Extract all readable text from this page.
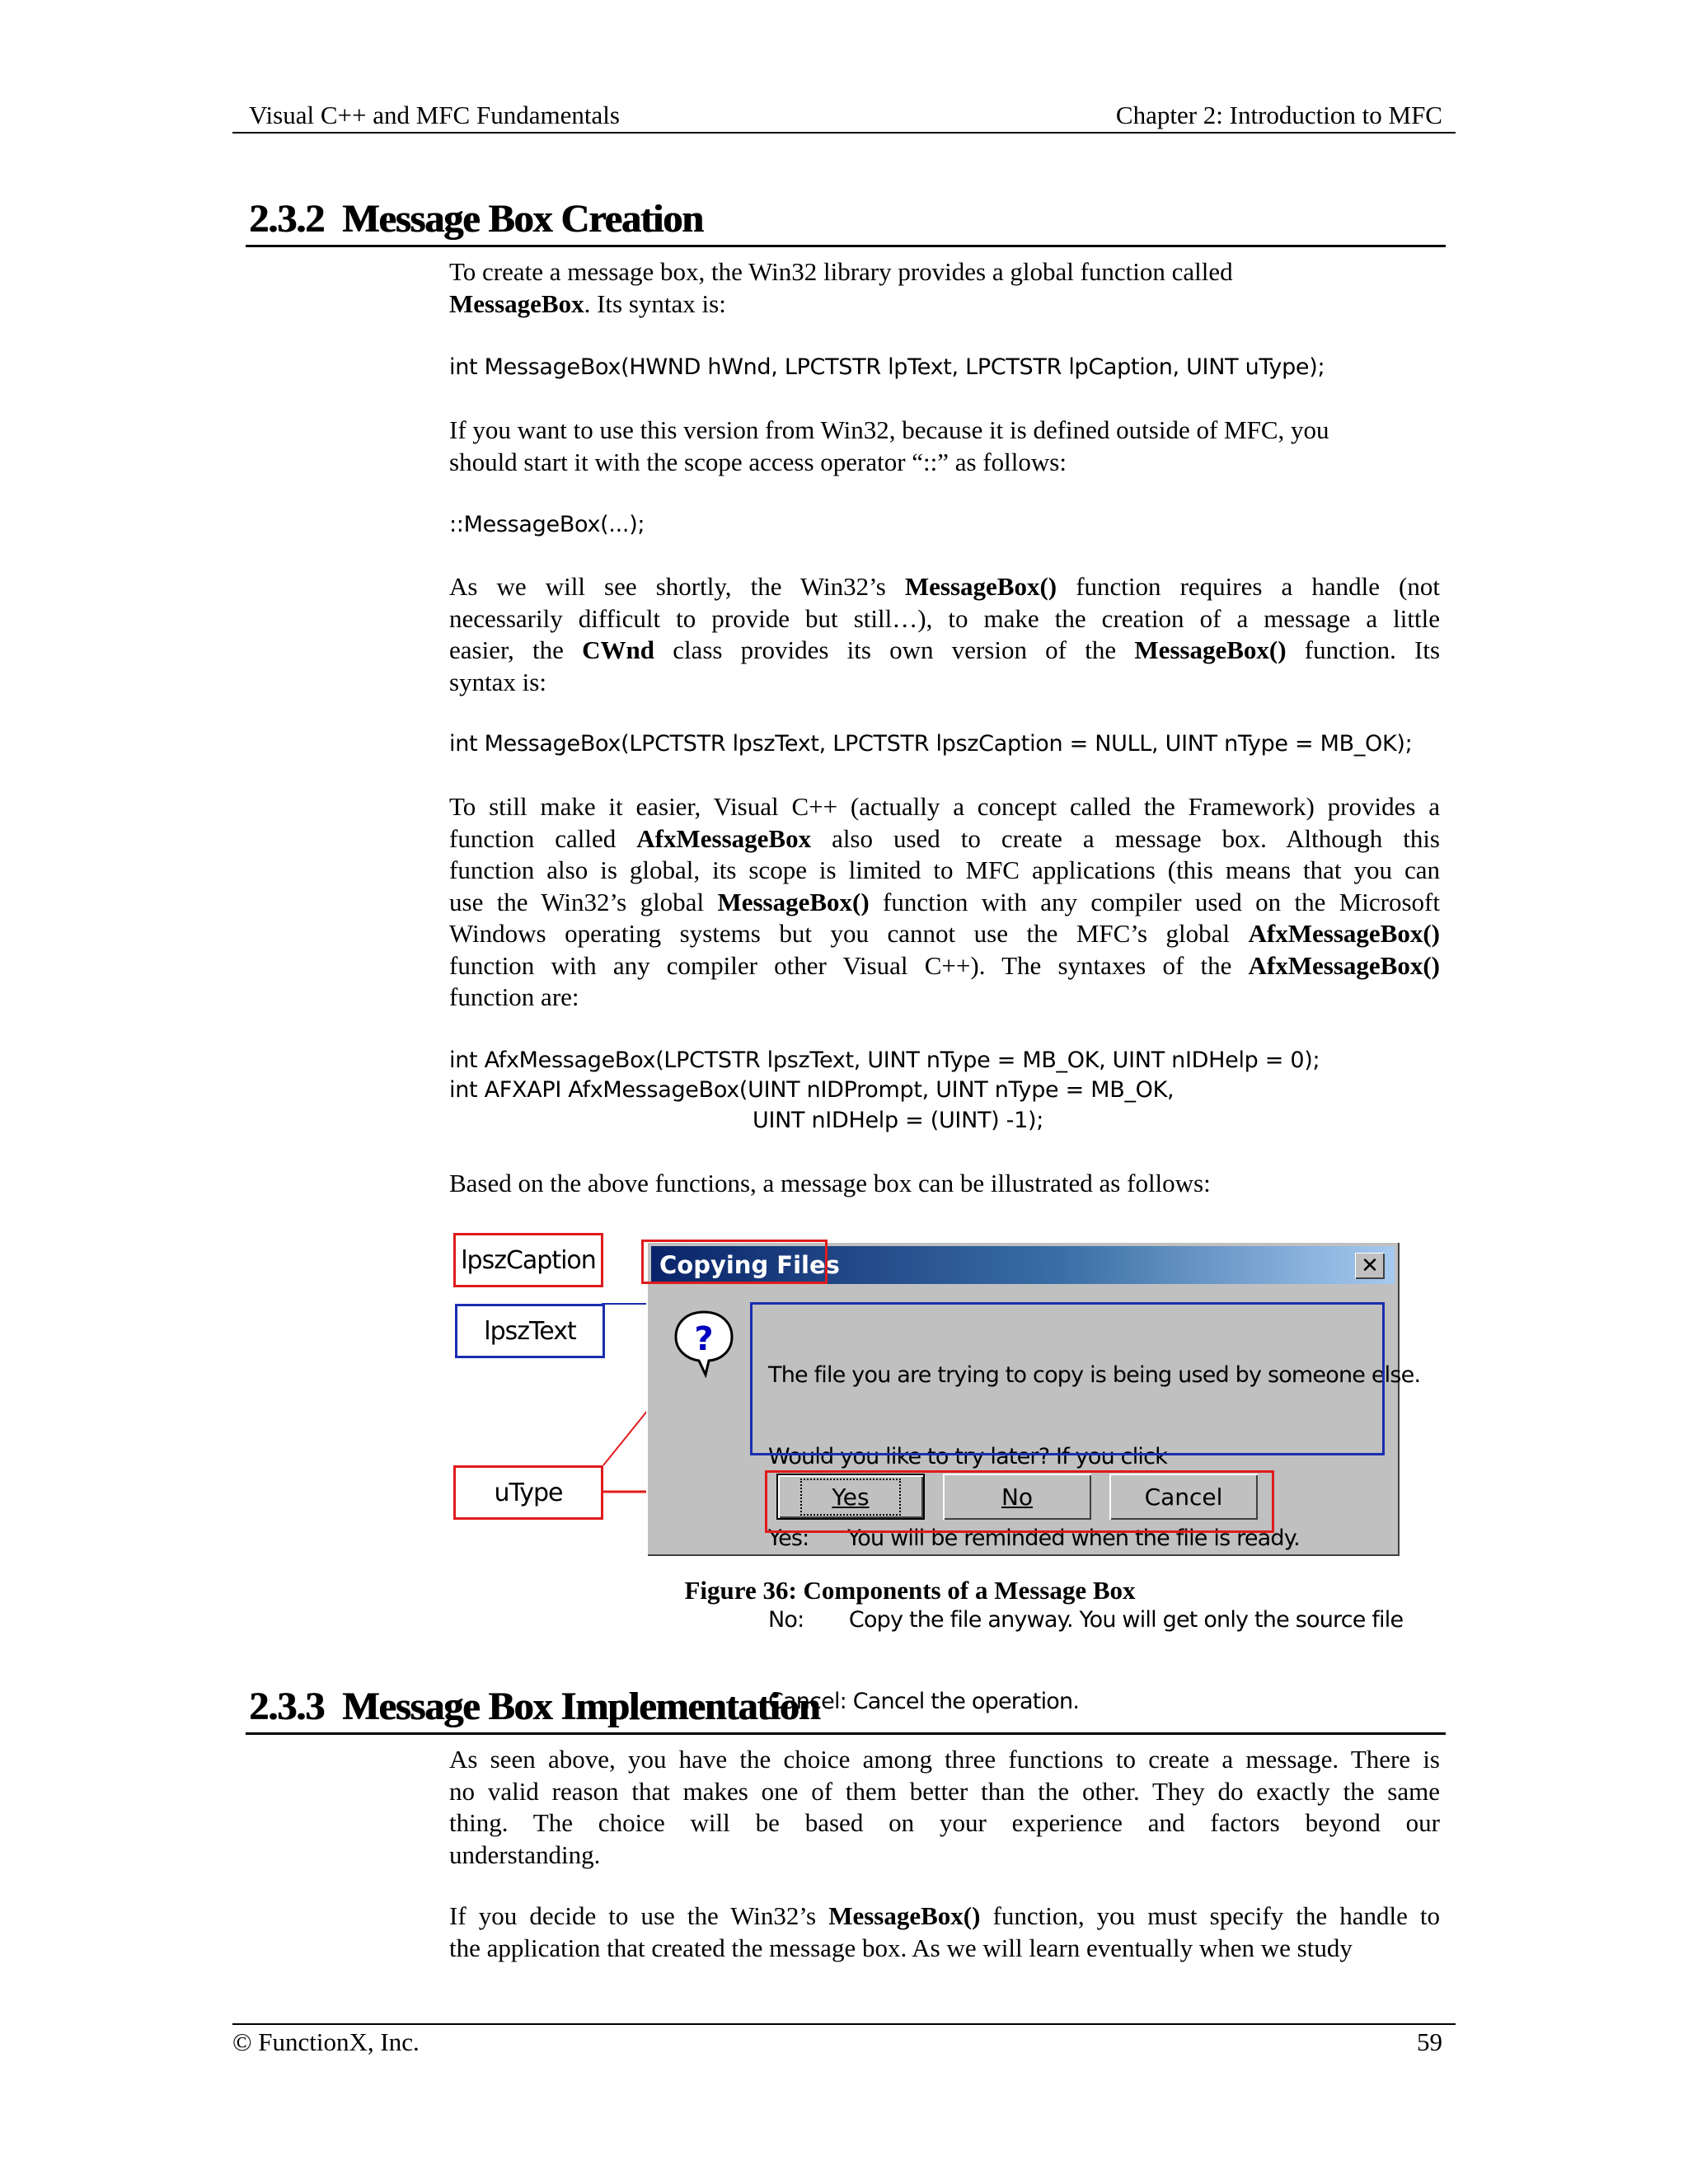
Visual C++ and MFC Fundamentals	Chapter 2: Introduction to MFC
2.3.2 Message Box Creation
To create a message box, the Win32 library provides a global function called
MessageBox. Its syntax is:
int MessageBox(HWND hWnd, LPCTSTR lpText, LPCTSTR lpCaption, UINT uType);
If you want to use this version from Win32, because it is defined outside of MFC, you
should start it with the scope access operator “::” as follows:
::MessageBox(...);
As we will see shortly, the Win32’s MessageBox() function requires a handle (not
necessarily difficult to provide but still…), to make the creation of a message a little
easier, the CWnd class provides its own version of the MessageBox() function. Its
syntax is:
int MessageBox(LPCTSTR lpszText, LPCTSTR lpszCaption = NULL, UINT nType = MB_OK);
To still make it easier, Visual C++ (actually a concept called the Framework) provides a
function called AfxMessageBox also used to create a message box. Although this
function also is global, its scope is limited to MFC applications (this means that you can
use the Win32’s global MessageBox() function with any compiler used on the Microsoft
Windows operating systems but you cannot use the MFC’s global AfxMessageBox()
function with any compiler other Visual C++). The syntaxes of the AfxMessageBox()
function are:
int AfxMessageBox(LPCTSTR lpszText, UINT nType = MB_OK, UINT nIDHelp = 0);
int AFXAPI AfxMessageBox(UINT nIDPrompt, UINT nType = MB_OK,
UINT nIDHelp = (UINT) -1);
Based on the above functions, a message box can be illustrated as follows:
lpszCaption
lpszText
uType
Copying Files	✕
?

The file you are trying to copy is being used by someone else.

Would you like to try later? If you click

Yes:      You will be reminded when the file is ready.

No:       Copy the file anyway. You will get only the source file

Cancel: Cancel the operation.

Yes	No	Cancel
Figure 36: Components of a Message Box
2.3.3 Message Box Implementation
As seen above, you have the choice among three functions to create a message. There is
no valid reason that makes one of them better than the other. They do exactly the same
thing. The choice will be based on your experience and factors beyond our
understanding.
If you decide to use the Win32’s MessageBox() function, you must specify the handle to
the application that created the message box. As we will learn eventually when we study
© FunctionX, Inc.	59
